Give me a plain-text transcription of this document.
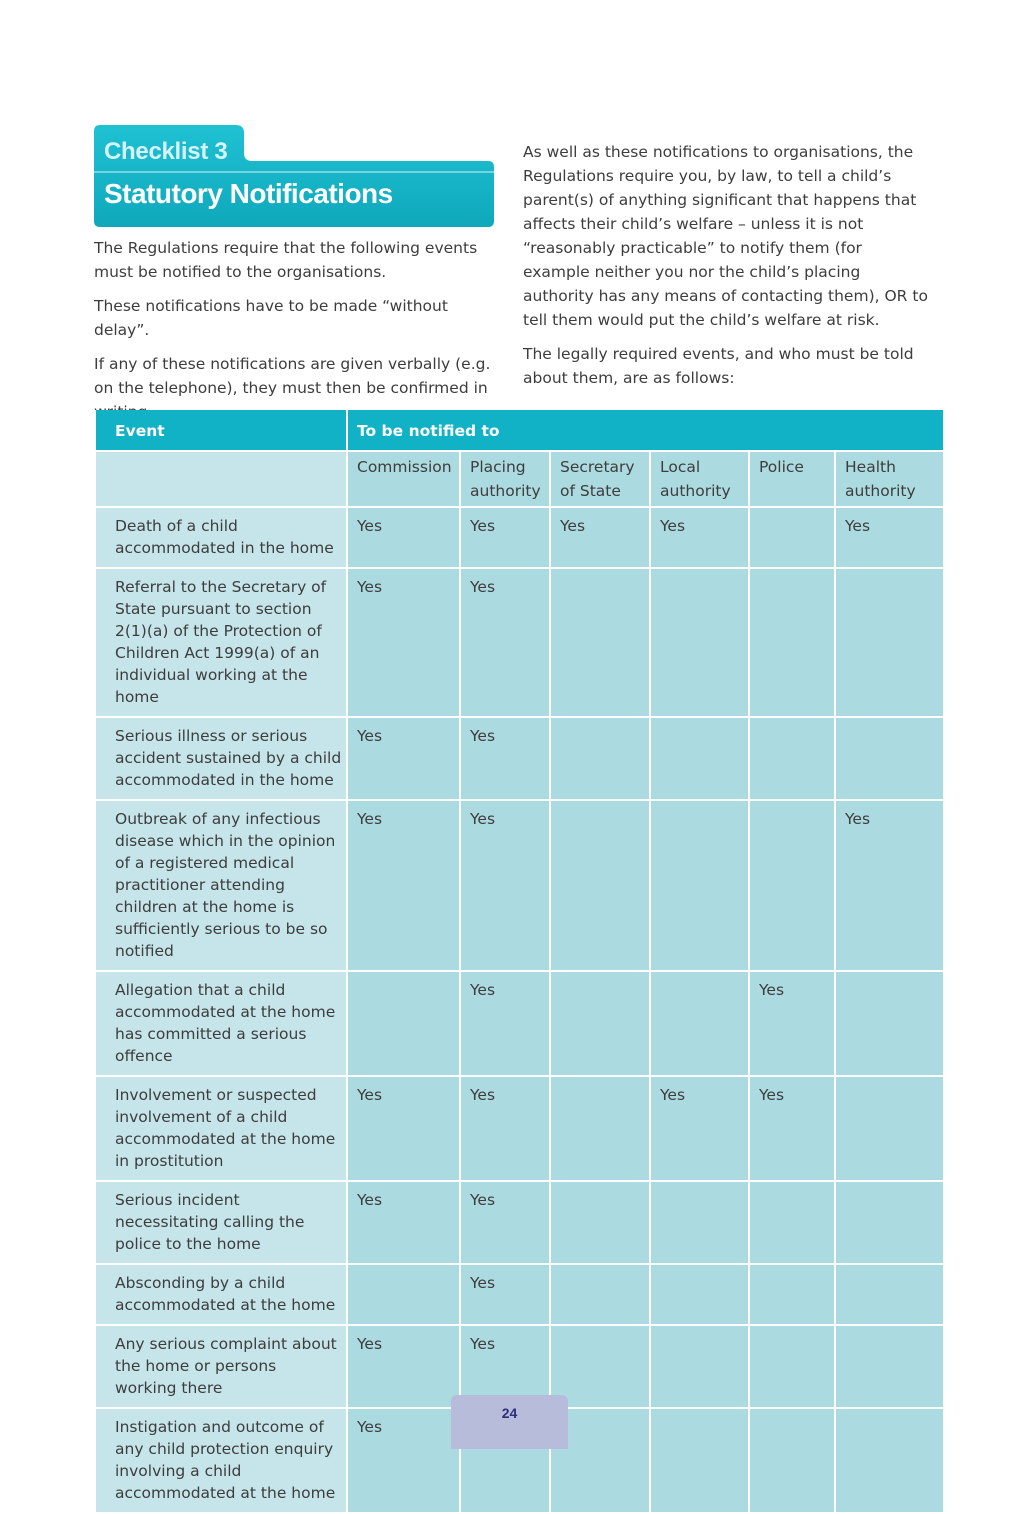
Checklist 3
Statutory Notifications

The Regulations require that the following events must be notified to the organisations.

These notifications have to be made “without delay”.

If any of these notifications are given verbally (e.g. on the telephone), they must then be confirmed in

As well as these notifications to organisations, the Regulations require you, by law, to tell a child’s parent(s) of anything significant that happens that affects their child’s welfare – unless it is not “reasonably practicable” to notify them (for example neither you nor the child’s placing authority has any means of contacting them), OR to tell them would put the child’s welfare at risk.

The legally required events, and who must be told about them, are as follows:

Event	To be notified to					
	Commission	Placing authority	Secretary of State	Local authority	Police	Health authority
Death of a child accommodated in the home	Yes	Yes	Yes	Yes		Yes
Referral to the Secretary of State pursuant to section 2(1)(a) of the Protection of Children Act 1999(a) of an individual working at the home	Yes	Yes				
Serious illness or serious accident sustained by a child accommodated in the home	Yes	Yes				
Outbreak of any infectious disease which in the opinion of a registered medical practitioner attending children at the home is sufficiently serious to be so notified	Yes	Yes				Yes
Allegation that a child accommodated at the home has committed a serious offence		Yes			Yes	
Involvement or suspected involvement of a child accommodated at the home in prostitution	Yes	Yes		Yes	Yes	
Serious incident necessitating calling the police to the home	Yes	Yes				
Absconding by a child accommodated at the home		Yes				
Any serious complaint about the home or persons working there	Yes	Yes				
Instigation and outcome of any child protection enquiry involving a child accommodated at the home	Yes					
24
